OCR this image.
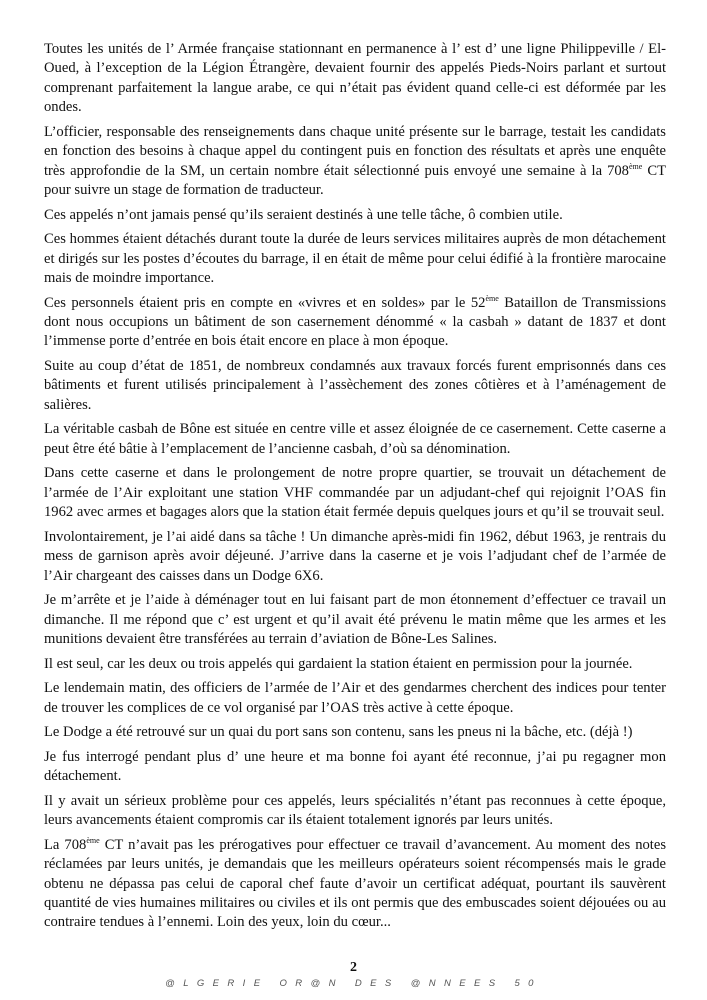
Toutes les unités de l’ Armée française stationnant en permanence à l’ est d’ une ligne Philippeville / El-Oued, à l’exception de la Légion Étrangère, devaient fournir des appelés Pieds-Noirs parlant et surtout comprenant parfaitement la langue arabe, ce qui n’était pas évident quand celle-ci est déformée par les ondes.

L’officier, responsable des renseignements dans chaque unité présente sur le barrage, testait les candidats en fonction des besoins à chaque appel du contingent puis en fonction des résultats et après une enquête très approfondie de la SM, un certain nombre était sélectionné puis envoyé une semaine à la 708ème CT pour suivre un stage de formation de traducteur.

Ces appelés n’ont jamais pensé qu’ils seraient destinés à une telle tâche, ô combien utile.

Ces hommes étaient détachés durant toute la durée de leurs services militaires auprès de mon détachement et dirigés sur les postes d’écoutes du barrage, il en était de même pour celui édifié à la frontière marocaine mais de moindre importance.

Ces personnels étaient pris en compte en «vivres et en soldes» par le 52ème Bataillon de Transmissions dont nous occupions un bâtiment de son casernement dénommé « la casbah » datant de 1837 et dont l’immense porte d’entrée en bois était encore en place à mon époque.

Suite au coup d’état de 1851, de nombreux condamnés aux travaux forcés furent emprisonnés dans ces bâtiments et furent utilisés principalement à l’assèchement des zones côtières et à l’aménagement de salières.

La véritable casbah de Bône est située en centre ville et assez éloignée de ce casernement. Cette caserne a peut être été bâtie à l’emplacement de l’ancienne casbah, d’où sa dénomination.

Dans cette caserne et dans le prolongement de notre propre quartier, se trouvait un détachement de l’armée de l’Air exploitant une station VHF commandée par un adjudant-chef qui rejoignit l’OAS fin 1962 avec armes et bagages alors que la station était fermée depuis quelques jours et qu’il se trouvait seul.

Involontairement, je l’ai aidé dans sa tâche ! Un dimanche après-midi fin 1962, début 1963, je rentrais du mess de garnison après avoir déjeuné. J’arrive dans la caserne et je vois l’adjudant chef de l’armée de l’Air chargeant des caisses dans un Dodge 6X6.

Je m’arrête et je l’aide à déménager tout en lui faisant part de mon étonnement d’effectuer ce travail un dimanche. Il me répond que c’ est urgent et qu’il avait été prévenu le matin même que les armes et les munitions devaient être transférées au terrain d’aviation de Bône-Les Salines.

Il est seul, car les deux ou trois appelés qui gardaient la station étaient en permission pour la journée.

Le lendemain matin, des officiers de l’armée de l’Air et des gendarmes cherchent des indices pour tenter de trouver les complices de ce vol organisé par l’OAS très active à cette époque.

Le Dodge a été retrouvé sur un quai du port sans son contenu, sans les pneus ni la bâche, etc. (déjà !)

Je fus interrogé pendant plus d’ une heure et ma bonne foi ayant été reconnue, j’ai pu regagner mon détachement.

Il y avait un sérieux problème pour ces appelés, leurs spécialités n’étant pas reconnues à cette époque, leurs avancements étaient compromis car ils étaient totalement ignorés par leurs unités.

La 708ème CT n’avait pas les prérogatives pour effectuer ce travail d’avancement. Au moment des notes réclamées par leurs unités, je demandais que les meilleurs opérateurs soient récompensés mais le grade obtenu ne dépassa pas celui de caporal chef faute d’avoir un certificat adéquat, pourtant ils sauvèrent quantité de vies humaines militaires ou civiles et ils ont permis que des embuscades soient déjouées ou au contraire tendues à l’ennemi. Loin des yeux, loin du cœur...

2
@LGERIE OR@N DES @NNEES 50
